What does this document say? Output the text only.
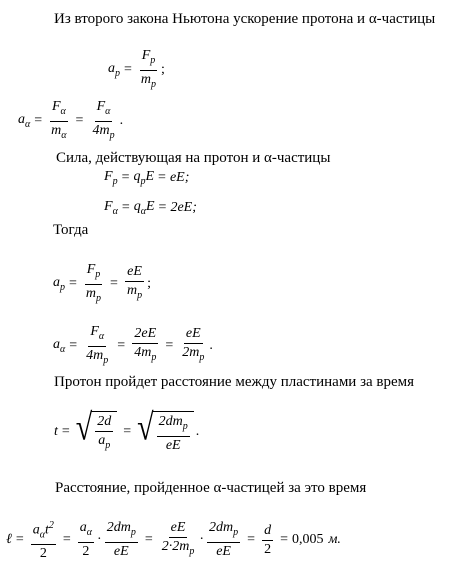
Из второго закона Ньютона ускорение протона и α-частицы
$a_p = \frac{F_p}{m_p}$ ;
$a_\alpha = \frac{F_\alpha}{m_\alpha} = \frac{F_\alpha}{4m_p}$ .
Сила, действующая на протон и α-частицы
$F_p = q_pE$ = eE;
$F_\alpha = q_\alpha E = 2eE$;
Тогда
$a_p = \frac{F_p}{m_p} = \frac{eE}{m_p}$ ;
$a_\alpha = \frac{F_\alpha}{4m_p} = \frac{2eE}{4m_p} = \frac{eE}{2m_p}$ .
Протон пройдет расстояние между пластинами за время
t = √ $\frac{2d}{a_p}$ = √ $\frac{2dm_p}{eE}$ .
Расстояние, пройденное α-частицей за это время
ℓ = $\frac{a_\alpha t^2}{2} = \frac{a_\alpha}{2} \cdot \frac{2dm_p}{eE} = \frac{eE}{2\cdot 2m_p} \cdot \frac{2dm_p}{eE} = \frac{d}{2} = 0,005$ м.
